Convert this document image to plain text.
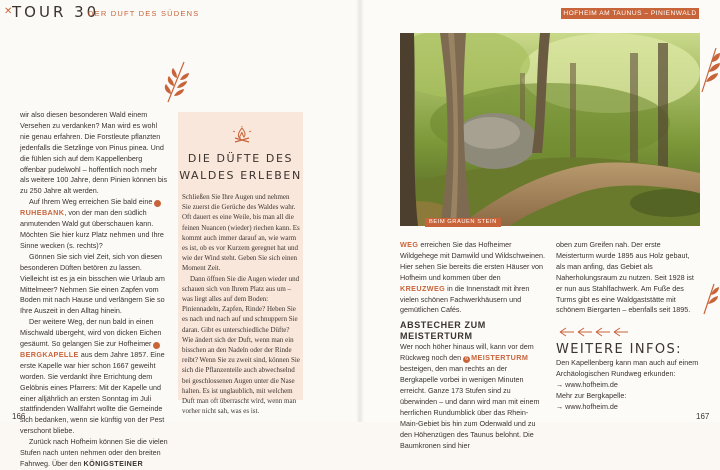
✕ TOUR 30
DER DUFT DES SÜDENS

wir also diesen besonderen Wald einem Versehen zu verdanken? Man wird es wohl nie genau erfahren. Die Forstleute pflanzten jedenfalls die Setzlinge von Pinus pinea. Und die fühlen sich auf dem Kappellenberg offenbar pudelwohl – hoffentlich noch mehr als weitere 100 Jahre, denn Pinien können bis zu 250 Jahre alt werden.

Auf Ihrem Weg erreichen Sie bald eine 4RUHEBANK, von der man den südlich anmutenden Wald gut überschauen kann. Möchten Sie hier kurz Platz nehmen und Ihre Sinne wecken (s. rechts)?

Gönnen Sie sich viel Zeit, sich von diesen besonderen Düften betören zu lassen. Vielleicht ist es ja ein bisschen wie Urlaub am Mittelmeer? Nehmen Sie einen Zapfen vom Boden mit nach Hause und verlängern Sie so Ihre Auszeit in den Alltag hinein.

Der weitere Weg, der nun bald in einen Mischwald übergeht, wird von dicken Eichen gesäumt. So gelangen Sie zur Hofheimer 5BERGKAPELLE aus dem Jahre 1857. Eine erste Kapelle war hier schon 1667 geweiht worden. Sie verdankt ihre Errichtung dem Gelöbnis eines Pfarrers: Mit der Kapelle und einer alljährlich an ersten Sonntag im Juli stattfindenden Wallfahrt wollte die Gemeinde sich bedanken, wenn sie künftig von der Pest verschont bliebe.

Zurück nach Hofheim können Sie die vielen Stufen nach unten nehmen oder den breiten Fahrweg. Über den KÖNIGSTEINER

DIE DÜFTE DES
WALDES ERLEBEN

Schließen Sie Ihre Augen und nehmen Sie zuerst die Gerüche des Waldes wahr. Oft dauert es eine Weile, bis man all die feinen Nuancen (wieder) riechen kann. Es kommt auch immer darauf an, wie warm es ist, ob es vor Kurzem geregnet hat und wie der Wind steht. Geben Sie sich einen Moment Zeit.

Dann öffnen Sie die Augen wieder und schauen sich von Ihrem Platz aus um – was liegt alles auf dem Boden: Piniennadeln, Zapfen, Rinde? Heben Sie es nach und nach auf und schnuppern Sie daran. Gibt es unterschiedliche Düfte? Wie ändert sich der Duft, wenn man ein bisschen an den Nadeln oder der Rinde reibt? Wenn Sie zu zweit sind, können Sie sich die Pflanzenteile auch abwechselnd bei geschlossenen Augen unter die Nase halten. Es ist unglaublich, mit welchem Duft man oft überrascht wird, wenn man vorher nicht sah, was es ist.

166
HOFHEIM AM TAUNUS – PINIENWALD
BEIM GRAUEN STEIN

WEG erreichen Sie das Hofheimer Wildgehege mit Damwild und Wildschweinen. Hier sehen Sie bereits die ersten Häuser von Hofheim und kommen über den KREUZWEG in die Innenstadt mit ihren vielen schönen Fachwerkhäusern und gemütlichen Cafés.

ABSTECHER ZUM MEISTERTURM

Wer noch höher hinaus will, kann vor dem Rückweg noch den 6 MEISTERTURM besteigen, den man rechts an der Bergkapelle vorbei in wenigen Minuten erreicht. Ganze 173 Stufen sind zu überwinden – und dann wird man mit einem herrlichen Rundumblick über das Rhein-Main-Gebiet bis hin zum Odenwald und zu den Höhenzügen des Taunus belohnt. Die Baumkronen sind hier

oben zum Greifen nah. Der erste Meisterturm wurde 1895 aus Holz gebaut, als man anfing, das Gebiet als Naherholungsraum zu nutzen. Seit 1928 ist er nun aus Stahlfachwerk. Am Fuße des Turms gibt es eine Waldgaststätte mit schönem Biergarten – ebenfalls seit 1895.

WEITERE INFOS:

Den Kapellenberg kann man auch auf einem Archäologischen Rundweg erkunden:

→ www.hofheim.de

Mehr zur Bergkapelle:

→ www.hofheim.de

167
